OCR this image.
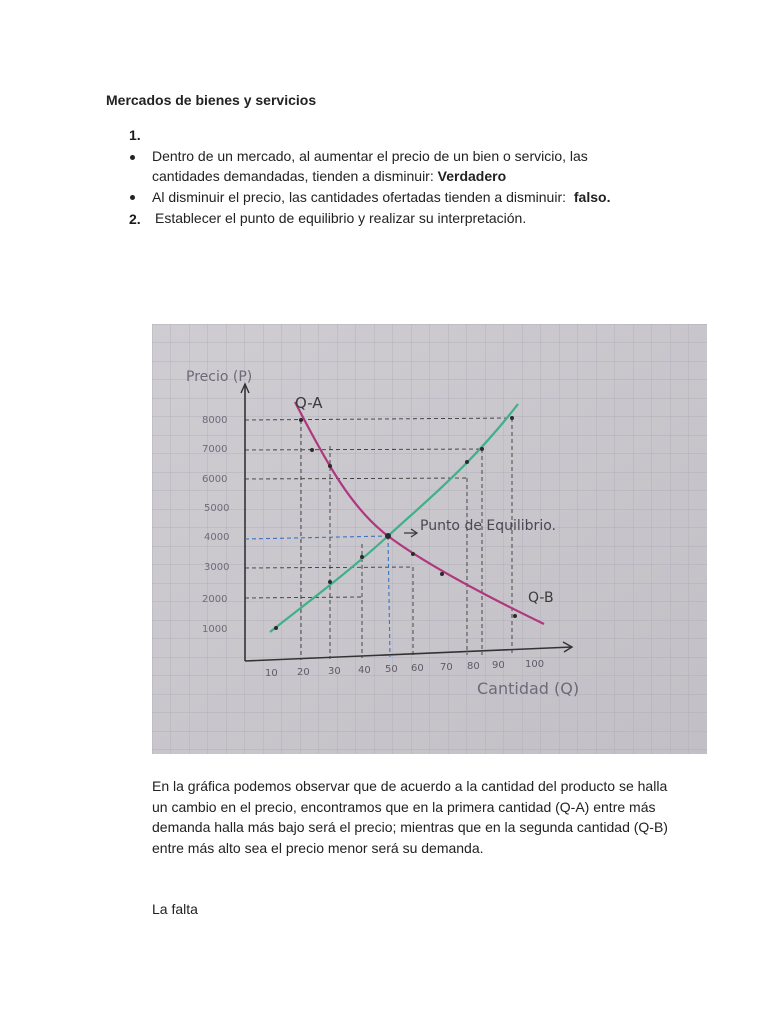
Mercados de bienes y servicios
1.
Dentro de un mercado, al aumentar el precio de un bien o servicio, las cantidades demandadas, tienden a disminuir: Verdadero
Al disminuir el precio, las cantidades ofertadas tienden a disminuir: falso.
2. Establecer el punto de equilibrio y realizar su interpretación.
Precio (P)
Cantidad (Q)
1000
2000
3000
4000
5000
6000
7000
8000
10 20 30 40 50 60 70 80 90 100
Q-A
Q-B
Punto de Equilibrio.
En la gráfica podemos observar que de acuerdo a la cantidad del producto se halla un cambio en el precio, encontramos que en la primera cantidad (Q-A) entre más demanda halla más bajo será el precio; mientras que en la segunda cantidad (Q-B) entre más alto sea el precio menor será su demanda.
La falta
